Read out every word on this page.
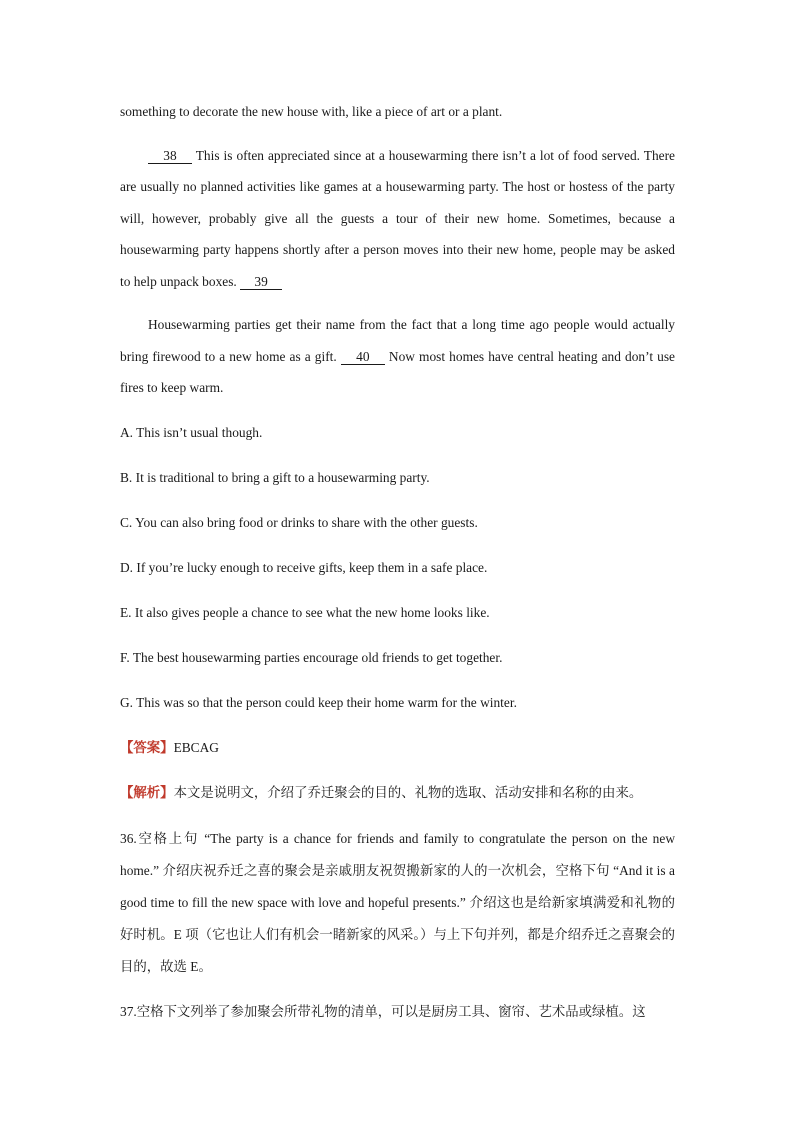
something to decorate the new house with, like a piece of art or a plant.

38 This is often appreciated since at a housewarming there isn’t a lot of food served. There are usually no planned activities like games at a housewarming party. The host or hostess of the party will, however, probably give all the guests a tour of their new home. Sometimes, because a housewarming party happens shortly after a person moves into their new home, people may be asked to help unpack boxes. 39

Housewarming parties get their name from the fact that a long time ago people would actually bring firewood to a new home as a gift. 40 Now most homes have central heating and don’t use fires to keep warm.

A. This isn’t usual though.

B. It is traditional to bring a gift to a housewarming party.

C. You can also bring food or drinks to share with the other guests.

D. If you’re lucky enough to receive gifts, keep them in a safe place.

E. It also gives people a chance to see what the new home looks like.

F. The best housewarming parties encourage old friends to get together.

G. This was so that the person could keep their home warm for the winter.

【答案】EBCAG

【解析】本文是说明文，介绍了乔迁聚会的目的、礼物的选取、活动安排和名称的由来。

36.空格上句 “The party is a chance for friends and family to congratulate the person on the new home.” 介绍庆祝乔迁之喜的聚会是亲戚朋友祝贺搬新家的人的一次机会，空格下句 “And it is a good time to fill the new space with love and hopeful presents.” 介绍这也是给新家填满爱和礼物的好时机。E 项（它也让人们有机会一睹新家的风采。）与上下句并列，都是介绍乔迁之喜聚会的目的，故选 E。

37.空格下文列举了参加聚会所带礼物的清单，可以是厨房工具、窗帘、艺术品或绿植。这
